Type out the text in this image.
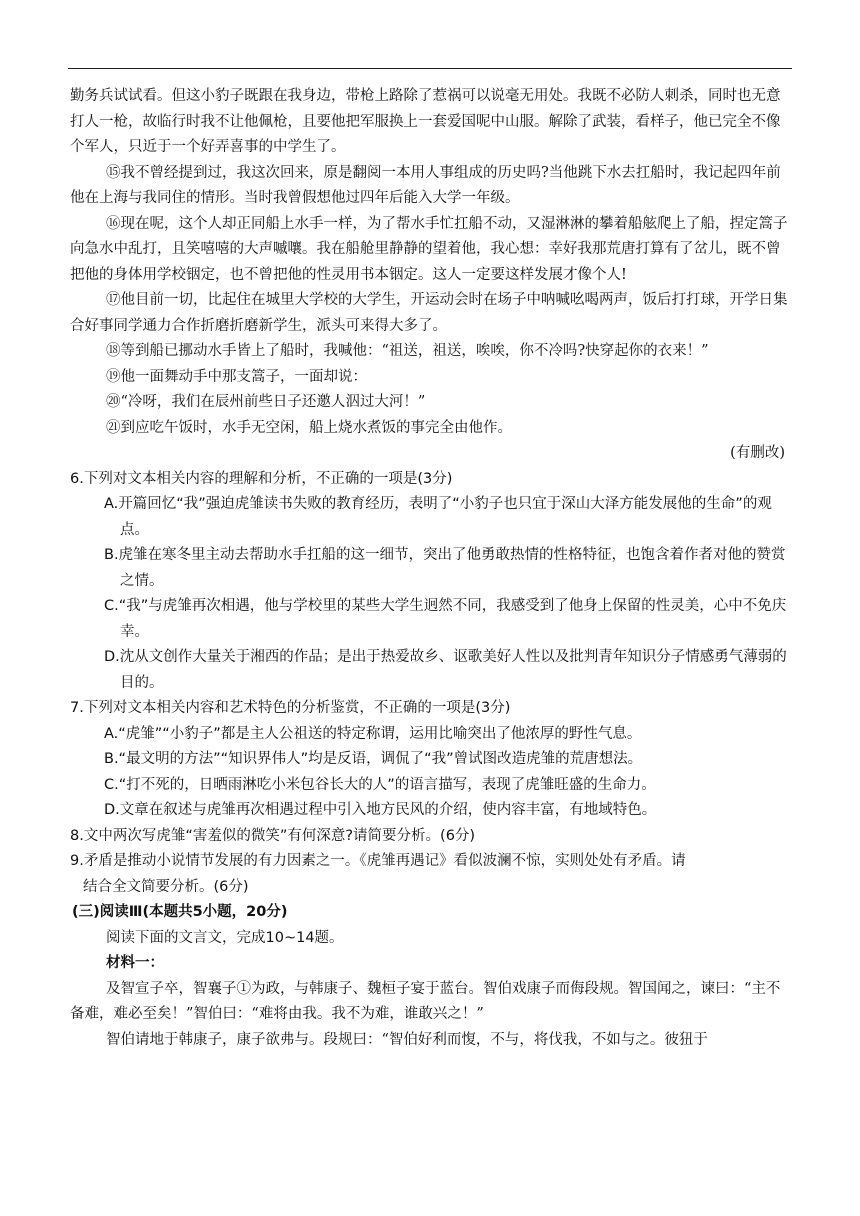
勤务兵试试看。但这小豹子既跟在我身边，带枪上路除了惹祸可以说毫无用处。我既不必防人刺杀，同时也无意打人一枪，故临行时我不让他佩枪，且要他把军服换上一套爱国呢中山服。解除了武装，看样子，他已完全不像个军人，只近于一个好弄喜事的中学生了。

⑮我不曾经提到过，我这次回来，原是翻阅一本用人事组成的历史吗?当他跳下水去扛船时，我记起四年前他在上海与我同住的情形。当时我曾假想他过四年后能入大学一年级。

⑯现在呢，这个人却正同船上水手一样，为了帮水手忙扛船不动，又湿淋淋的攀着船舷爬上了船，捏定篙子向急水中乱打，且笑嘻嘻的大声嘁嚷。我在船舱里静静的望着他，我心想：幸好我那荒唐打算有了岔儿，既不曾把他的身体用学校铟定，也不曾把他的性灵用书本铟定。这人一定要这样发展才像个人!

⑰他目前一切，比起住在城里大学校的大学生，开运动会时在场子中呐喊吆喝两声，饭后打打球，开学日集合好事同学通力合作折磨折磨新学生，派头可来得大多了。

⑱等到船已挪动水手皆上了船时，我喊他：“祖送，祖送，唉唉，你不冷吗?快穿起你的衣来！”

⑲他一面舞动手中那支篙子，一面却说：

⑳“冷呀，我们在辰州前些日子还邀人泅过大河！”

㉑到应吃午饭时，水手无空闲，船上烧水煮饭的事完全由他作。

(有删改)

6.下列对文本相关内容的理解和分析，不正确的一项是(3分)

A.开篇回忆“我”强迫虎雏读书失败的教育经历，表明了“小豹子也只宜于深山大泽方能发展他的生命”的观点。

B.虎雏在寒冬里主动去帮助水手扛船的这一细节，突出了他勇敢热情的性格特征，也饱含着作者对他的赞赏之情。

C.“我”与虎雏再次相遇，他与学校里的某些大学生迥然不同，我感受到了他身上保留的性灵美，心中不免庆幸。

D.沈从文创作大量关于湘西的作品；是出于热爱故乡、讴歌美好人性以及批判青年知识分子情感勇气薄弱的目的。

7.下列对文本相关内容和艺术特色的分析鉴赏，不正确的一项是(3分)

A.“虎雏”“小豹子”都是主人公祖送的特定称谓，运用比喻突出了他浓厚的野性气息。

B.“最文明的方法”“知识界伟人”均是反语，调侃了“我”曾试图改造虎雏的荒唐想法。

C.“打不死的，日晒雨淋吃小米包谷长大的人”的语言描写，表现了虎雏旺盛的生命力。

D.文章在叙述与虎雏再次相遇过程中引入地方民风的介绍，使内容丰富，有地域特色。

8.文中两次写虎雏“害羞似的微笑”有何深意?请简要分析。(6分)

9.矛盾是推动小说情节发展的有力因素之一。《虎雏再遇记》看似波澜不惊，实则处处有矛盾。请

结合全文简要分析。(6分)

(三)阅读Ⅲ(本题共5小题，20分)

阅读下面的文言文，完成10~14题。

材料一：

及智宣子卒，智襄子①为政，与韩康子、魏桓子宴于蓝台。智伯戏康子而侮段规。智国闻之，谏曰：“主不备难，难必至矣！”智伯曰：“难将由我。我不为难，谁敢兴之！”

智伯请地于韩康子，康子欲弗与。段规曰：“智伯好利而愎，不与，将伐我，不如与之。彼狃于
